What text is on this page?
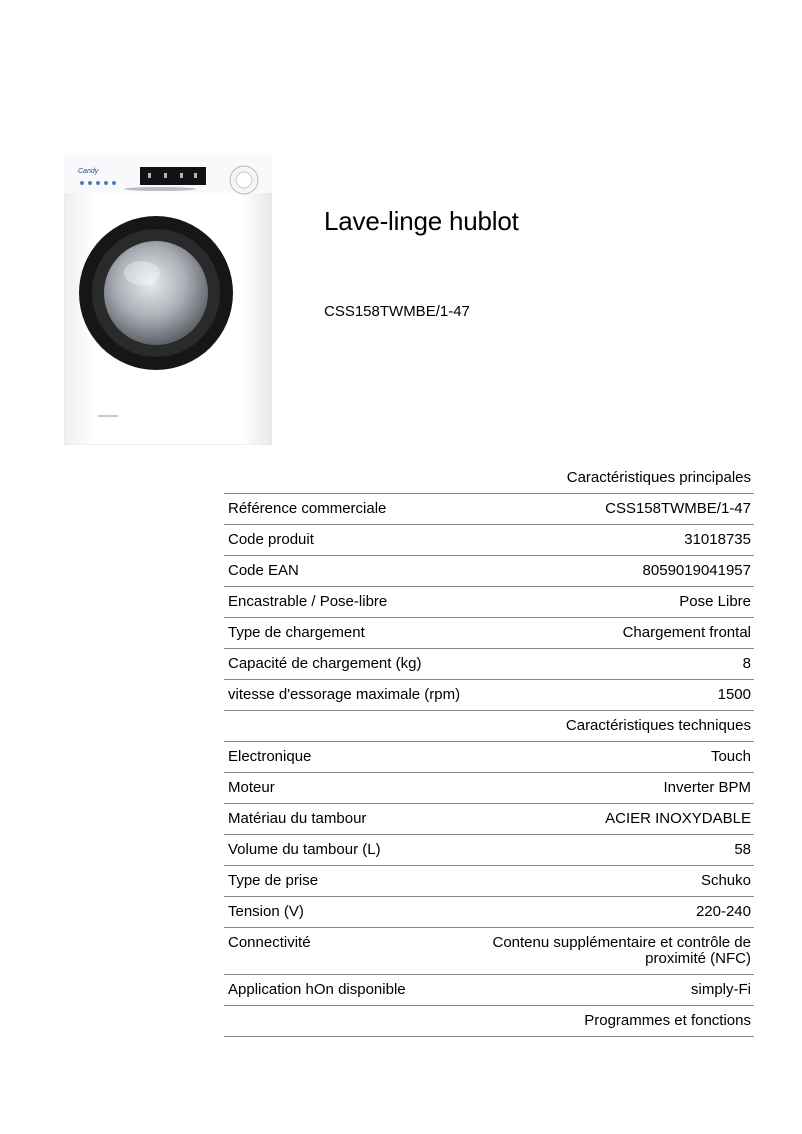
Candy
Lave-linge hublot
CSS158TWMBE/1-47
Caractéristiques principales	
Référence commerciale	CSS158TWMBE/1-47
Code produit	31018735
Code EAN	8059019041957
Encastrable / Pose-libre	Pose Libre
Type de chargement	Chargement frontal
Capacité de chargement (kg)	8
vitesse d'essorage maximale (rpm)	1500
Caractéristiques techniques	
Electronique	Touch
Moteur	Inverter BPM
Matériau du tambour	ACIER INOXYDABLE
Volume du tambour (L)	58
Type de prise	Schuko
Tension (V)	220-240
Connectivité	Contenu supplémentaire et contrôle de proximité (NFC)
Application hOn disponible	simply-Fi
Programmes et fonctions	
